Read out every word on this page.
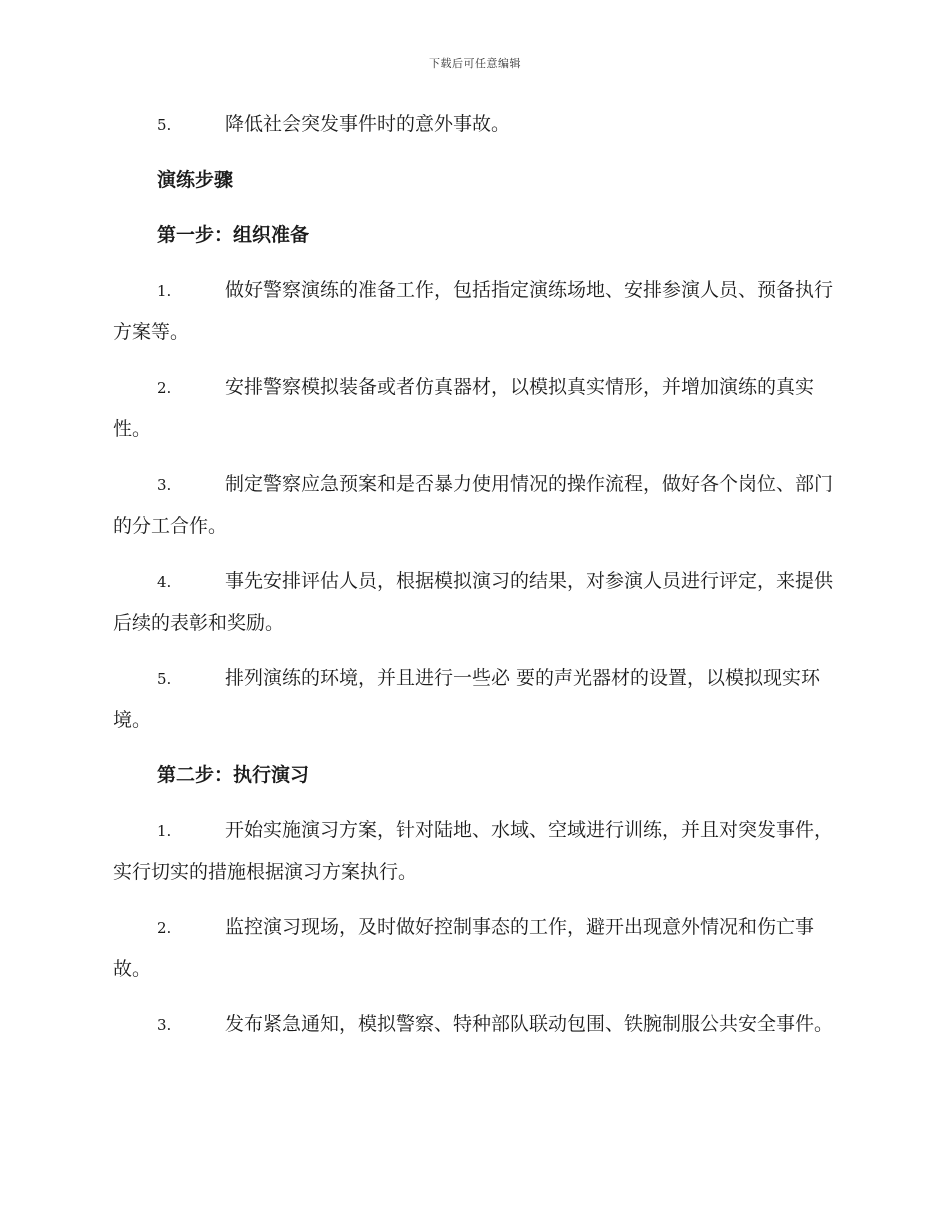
下载后可任意编辑
5.	降低社会突发事件时的意外事故。
演练步骤
第一步：组织准备
1.	做好警察演练的准备工作，包括指定演练场地、安排参演人员、预备执行方案等。
2.	安排警察模拟装备或者仿真器材，以模拟真实情形，并增加演练的真实性。
3.	制定警察应急预案和是否暴力使用情况的操作流程，做好各个岗位、部门的分工合作。
4.	事先安排评估人员，根据模拟演习的结果，对参演人员进行评定，来提供后续的表彰和奖励。
5.	排列演练的环境，并且进行一些必 要的声光器材的设置，以模拟现实环境。
第二步：执行演习
1.	开始实施演习方案，针对陆地、水域、空域进行训练，并且对突发事件，实行切实的措施根据演习方案执行。
2.	监控演习现场，及时做好控制事态的工作，避开出现意外情况和伤亡事故。
3.	发布紧急通知，模拟警察、特种部队联动包围、铁腕制服公共安全事件。
